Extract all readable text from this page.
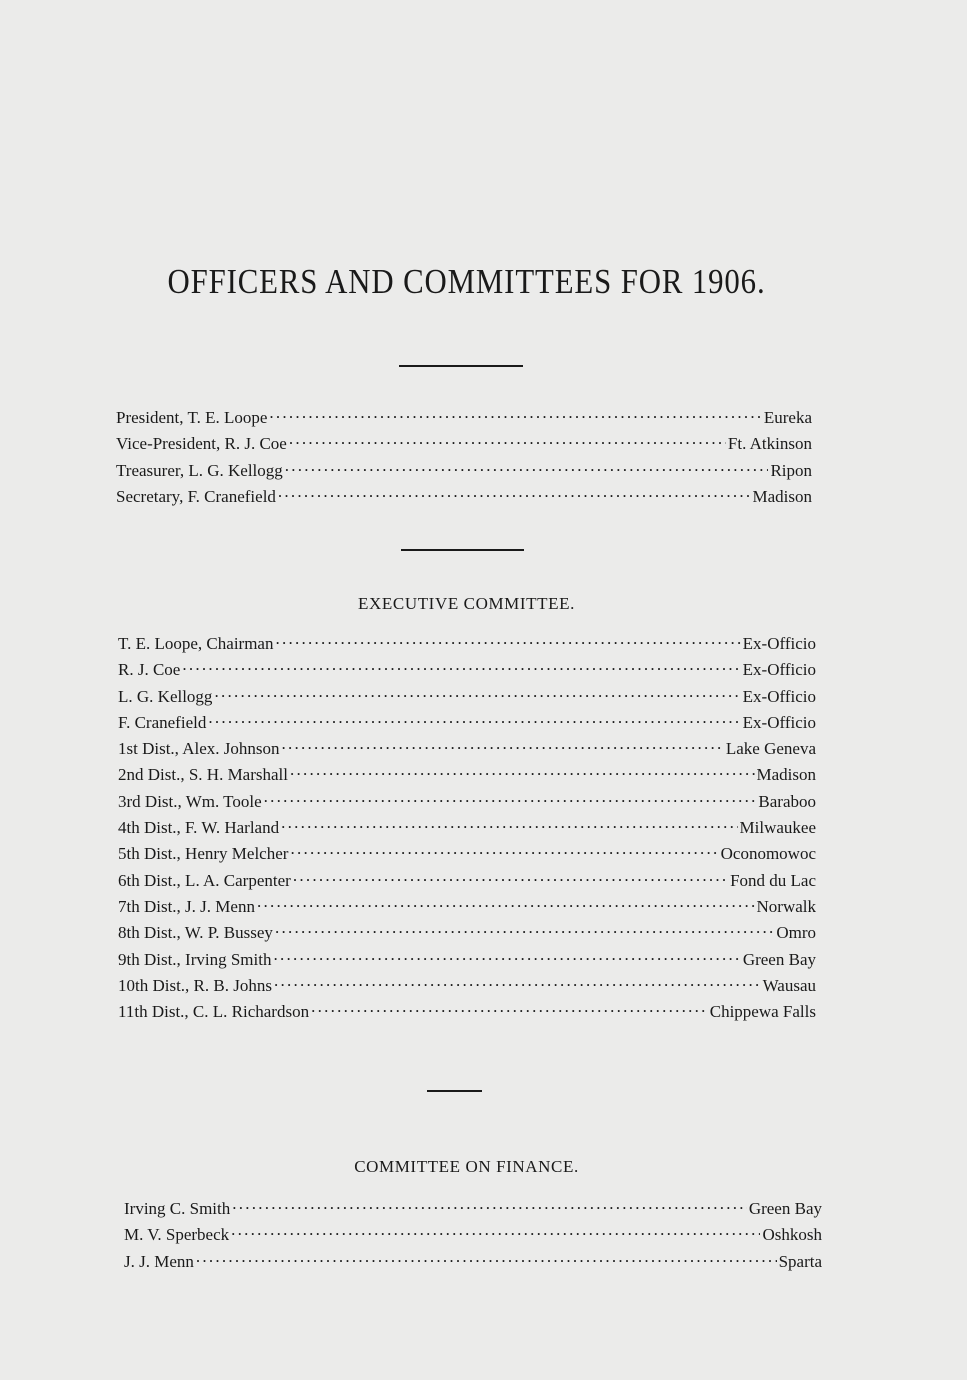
OFFICERS AND COMMITTEES FOR 1906.
President, T. E. Loope . . .	Eureka
Vice-President, R. J. Coe . . .	Ft. Atkinson
Treasurer, L. G. Kellogg . . .	Ripon
Secretary, F. Cranefield . . .	Madison
EXECUTIVE COMMITTEE.
T. E. Loope, Chairman . . .	Ex-Officio
R. J. Coe . . .	Ex-Officio
L. G. Kellogg . . .	Ex-Officio
F. Cranefield . . .	Ex-Officio
1st Dist., Alex. Johnson . . .	Lake Geneva
2nd Dist., S. H. Marshall . . .	Madison
3rd Dist., Wm. Toole . . .	Baraboo
4th Dist., F. W. Harland . . .	Milwaukee
5th Dist., Henry Melcher . . .	Oconomowoc
6th Dist., L. A. Carpenter . . .	Fond du Lac
7th Dist., J. J. Menn . . .	Norwalk
8th Dist., W. P. Bussey . . .	Omro
9th Dist., Irving Smith . . .	Green Bay
10th Dist., R. B. Johns . . .	Wausau
11th Dist., C. L. Richardson . . .	Chippewa Falls
COMMITTEE ON FINANCE.
Irving C. Smith . . .	Green Bay
M. V. Sperbeck . . .	Oshkosh
J. J. Menn . . .	Sparta
